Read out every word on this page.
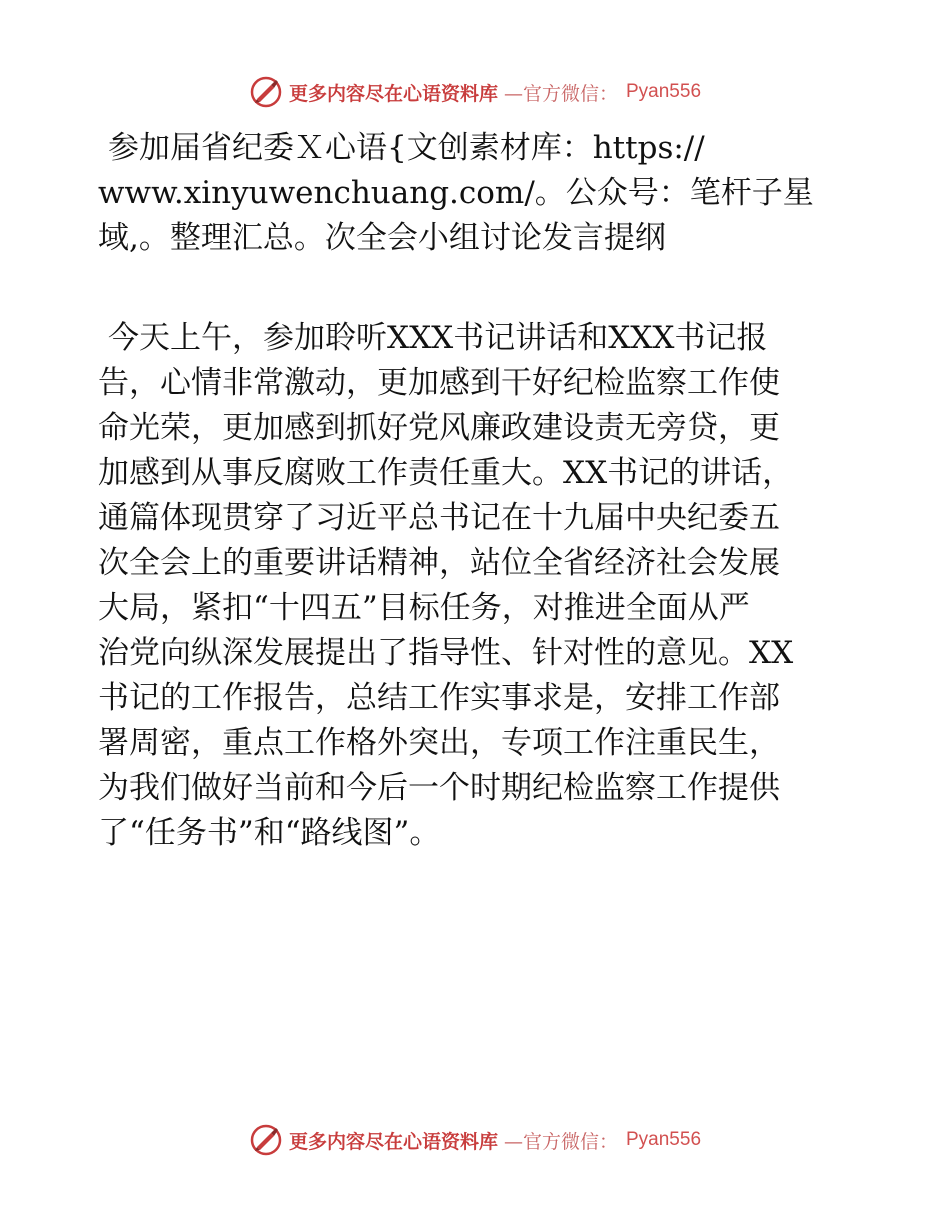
更多内容尽在心语资料库 —官方微信： Pyan556
参加届省纪委Ｘ心语{文创素材库：https://
www.xinyuwenchuang.com/。公众号：笔杆子星
域,。整理汇总。次全会小组讨论发言提纲
今天上午，参加聆听XXX书记讲话和XXX书记报
告，心情非常激动，更加感到干好纪检监察工作使
命光荣，更加感到抓好党风廉政建设责无旁贷，更
加感到从事反腐败工作责任重大。XX书记的讲话，
通篇体现贯穿了习近平总书记在十九届中央纪委五
次全会上的重要讲话精神，站位全省经济社会发展
大局，紧扣“十四五”目标任务，对推进全面从严
治党向纵深发展提出了指导性、针对性的意见。XX
书记的工作报告，总结工作实事求是，安排工作部
署周密，重点工作格外突出，专项工作注重民生，
为我们做好当前和今后一个时期纪检监察工作提供
了“任务书”和“路线图”。
更多内容尽在心语资料库 —官方微信： Pyan556
